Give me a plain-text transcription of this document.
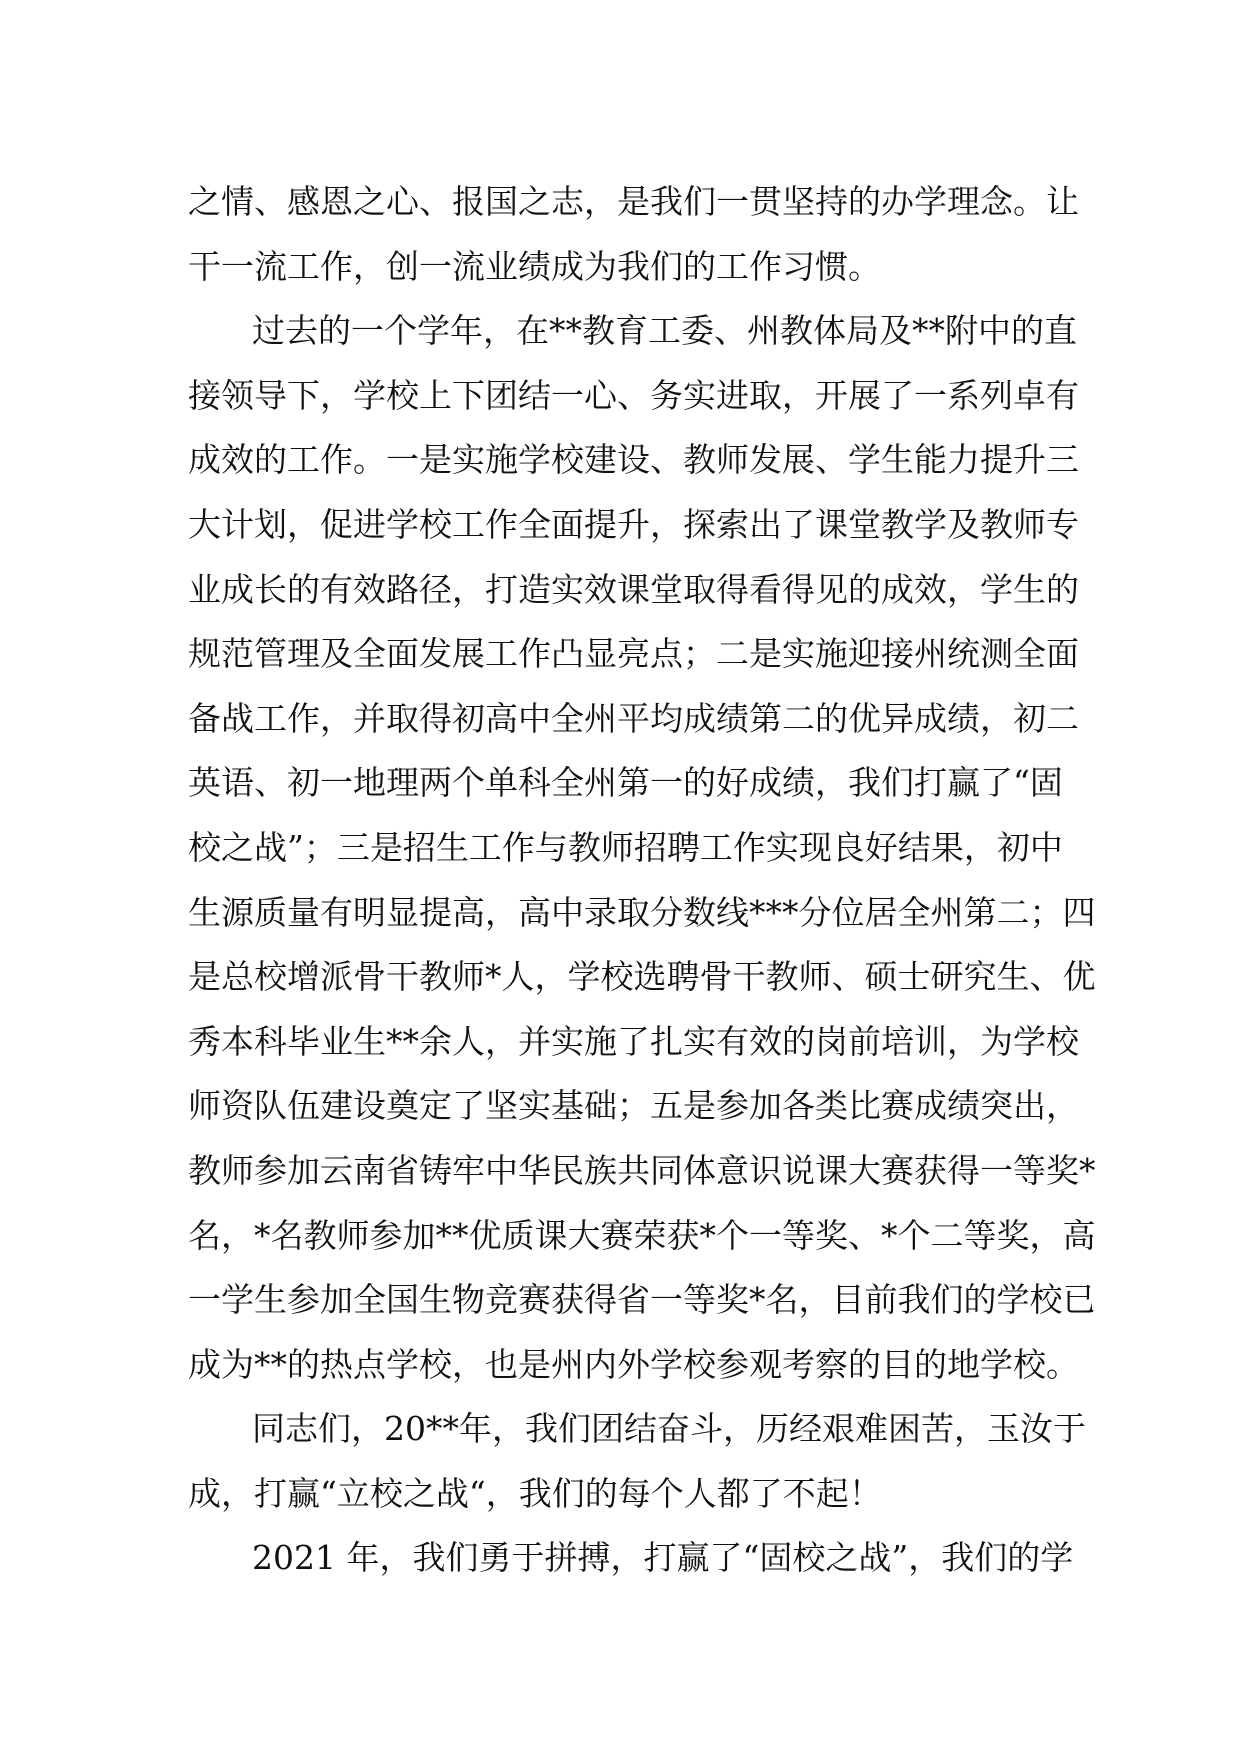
之情、感恩之心、报国之志，是我们一贯坚持的办学理念。让
干一流工作，创一流业绩成为我们的工作习惯。
过去的一个学年，在**教育工委、州教体局及**附中的直
接领导下，学校上下团结一心、务实进取，开展了一系列卓有
成效的工作。一是实施学校建设、教师发展、学生能力提升三
大计划，促进学校工作全面提升，探索出了课堂教学及教师专
业成长的有效路径，打造实效课堂取得看得见的成效，学生的
规范管理及全面发展工作凸显亮点；二是实施迎接州统测全面
备战工作，并取得初高中全州平均成绩第二的优异成绩，初二
英语、初一地理两个单科全州第一的好成绩，我们打赢了“固
校之战”；三是招生工作与教师招聘工作实现良好结果，初中
生源质量有明显提高，高中录取分数线***分位居全州第二；四
是总校增派骨干教师*人，学校选聘骨干教师、硕士研究生、优
秀本科毕业生**余人，并实施了扎实有效的岗前培训，为学校
师资队伍建设奠定了坚实基础；五是参加各类比赛成绩突出，
教师参加云南省铸牢中华民族共同体意识说课大赛获得一等奖*
名，*名教师参加**优质课大赛荣获*个一等奖、*个二等奖，高
一学生参加全国生物竞赛获得省一等奖*名，目前我们的学校已
成为**的热点学校，也是州内外学校参观考察的目的地学校。
同志们，20**年，我们团结奋斗，历经艰难困苦，玉汝于
成，打赢“立校之战“，我们的每个人都了不起！
2021 年，我们勇于拼搏，打赢了“固校之战”，我们的学
